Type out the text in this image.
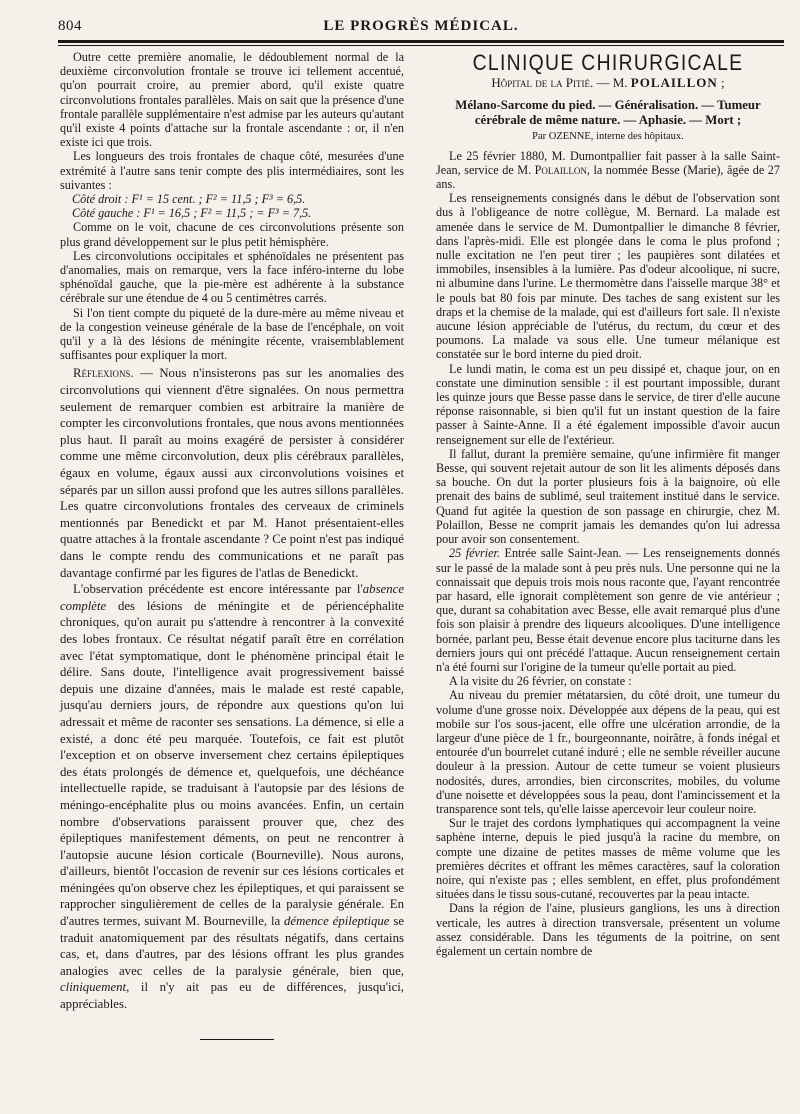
804	LE PROGRÈS MÉDICAL.

Outre cette première anomalie, le dédoublement normal de la deuxième circonvolution frontale se trouve ici tellement accentué, qu'on pourrait croire, au premier abord, qu'il existe quatre circonvolutions frontales parallèles. Mais on sait que la présence d'une frontale parallèle supplémentaire n'est admise par les auteurs qu'autant qu'il existe 4 points d'attache sur la frontale ascendante : or, il n'en existe ici que trois.

Les longueurs des trois frontales de chaque côté, mesurées d'une extrémité à l'autre sans tenir compte des plis intermédiaires, sont les suivantes :

Côté droit : F¹ = 15 cent. ; F² = 11,5 ; F³ = 6,5.
Côté gauche : F¹ = 16,5 ; F² = 11,5 ; = F³ = 7,5.

Comme on le voit, chacune de ces circonvolutions présente son plus grand développement sur le plus petit hémisphère.

Les circonvolutions occipitales et sphénoïdales ne présentent pas d'anomalies, mais on remarque, vers la face inféro-interne du lobe sphénoïdal gauche, que la pie-mère est adhérente à la substance cérébrale sur une étendue de 4 ou 5 centimètres carrés.

Si l'on tient compte du piqueté de la dure-mère au même niveau et de la congestion veineuse générale de la base de l'encéphale, on voit qu'il y a là des lésions de méningite récente, vraisemblablement suffisantes pour expliquer la mort.

Réflexions. — Nous n'insisterons pas sur les anomalies des circonvolutions qui viennent d'être signalées. On nous permettra seulement de remarquer combien est arbitraire la manière de compter les circonvolutions frontales, que nous avons mentionnées plus haut. Il paraît au moins exagéré de persister à considérer comme une même circonvolution, deux plis cérébraux parallèles, égaux en volume, égaux aussi aux circonvolutions voisines et séparés par un sillon aussi profond que les autres sillons parallèles. Les quatre circonvolutions frontales des cerveaux de criminels mentionnés par Benedickt et par M. Hanot présentaient-elles quatre attaches à la frontale ascendante ? Ce point n'est pas indiqué dans le compte rendu des communications et ne paraît pas davantage confirmé par les figures de l'atlas de Benedickt.

L'observation précédente est encore intéressante par l'absence complète des lésions de méningite et de périencéphalite chroniques, qu'on aurait pu s'attendre à rencontrer à la convexité des lobes frontaux. Ce résultat négatif paraît être en corrélation avec l'état symptomatique, dont le phénomène principal était le délire. Sans doute, l'intelligence avait progressivement baissé depuis une dizaine d'années, mais le malade est resté capable, jusqu'au derniers jours, de répondre aux questions qu'on lui adressait et même de raconter ses sensations. La démence, si elle a existé, a donc été peu marquée. Toutefois, ce fait est plutôt l'exception et on observe inversement chez certains épileptiques des états prolongés de démence et, quelquefois, une déchéance intellectuelle rapide, se traduisant à l'autopsie par des lésions de méningo-encéphalite plus ou moins avancées. Enfin, un certain nombre d'observations paraissent prouver que, chez des épileptiques manifestement déments, on peut ne rencontrer à l'autopsie aucune lésion corticale (Bourneville). Nous aurons, d'ailleurs, bientôt l'occasion de revenir sur ces lésions corticales et méningées qu'on observe chez les épileptiques, et qui paraissent se rapprocher singulièrement de celles de la paralysie générale. En d'autres termes, suivant M. Bourneville, la démence épileptique se traduit anatomiquement par des résultats négatifs, dans certains cas, et, dans d'autres, par des lésions offrant les plus grandes analogies avec celles de la paralysie générale, bien que, cliniquement, il n'y ait pas eu de différences, jusqu'ici, appréciables.

CLINIQUE CHIRURGICALE
Hôpital de la Pitié. — M. POLAILLON ;
Mélano-Sarcome du pied. — Généralisation. — Tumeur cérébrale de même nature. — Aphasie. — Mort ;
Par OZENNE, interne des hôpitaux.

Le 25 février 1880, M. Dumontpallier fait passer à la salle Saint-Jean, service de M. Polaillon, la nommée Besse (Marie), âgée de 27 ans.

Les renseignements consignés dans le début de l'observation sont dus à l'obligeance de notre collègue, M. Bernard. La malade est amenée dans le service de M. Dumontpallier le dimanche 8 février, dans l'après-midi. Elle est plongée dans le coma le plus profond ; nulle excitation ne l'en peut tirer ; les paupières sont dilatées et immobiles, insensibles à la lumière. Pas d'odeur alcoolique, ni sucre, ni albumine dans l'urine. Le thermomètre dans l'aisselle marque 38° et le pouls bat 80 fois par minute. Des taches de sang existent sur les draps et la chemise de la malade, qui est d'ailleurs fort sale. Il n'existe aucune lésion appréciable de l'utérus, du rectum, du cœur et des poumons. La malade va sous elle. Une tumeur mélanique est constatée sur le bord interne du pied droit.

Le lundi matin, le coma est un peu dissipé et, chaque jour, on en constate une diminution sensible : il est pourtant impossible, durant les quinze jours que Besse passe dans le service, de tirer d'elle aucune réponse raisonnable, si bien qu'il fut un instant question de la faire passer à Sainte-Anne. Il a été également impossible d'avoir aucun renseignement sur elle de l'extérieur.

Il fallut, durant la première semaine, qu'une infirmière fit manger Besse, qui souvent rejetait autour de son lit les aliments déposés dans sa bouche. On dut la porter plusieurs fois à la baignoire, où elle prenait des bains de sublimé, seul traitement institué dans le service. Quand fut agitée la question de son passage en chirurgie, chez M. Polaillon, Besse ne comprit jamais les demandes qu'on lui adressa pour avoir son consentement.

25 février. Entrée salle Saint-Jean. — Les renseignements donnés sur le passé de la malade sont à peu près nuls. Une personne qui ne la connaissait que depuis trois mois nous raconte que, l'ayant rencontrée par hasard, elle ignorait complètement son genre de vie antérieur ; que, durant sa cohabitation avec Besse, elle avait remarqué plus d'une fois son plaisir à prendre des liqueurs alcooliques. D'une intelligence bornée, parlant peu, Besse était devenue encore plus taciturne dans les derniers jours qui ont précédé l'attaque. Aucun renseignement certain n'a été fourni sur l'origine de la tumeur qu'elle portait au pied.

A la visite du 26 février, on constate :

Au niveau du premier métatarsien, du côté droit, une tumeur du volume d'une grosse noix. Développée aux dépens de la peau, qui est mobile sur l'os sous-jacent, elle offre une ulcération arrondie, de la largeur d'une pièce de 1 fr., bourgeonnante, noirâtre, à fonds inégal et entourée d'un bourrelet cutané induré ; elle ne semble réveiller aucune douleur à la pression. Autour de cette tumeur se voient plusieurs nodosités, dures, arrondies, bien circonscrites, mobiles, du volume d'une noisette et développées sous la peau, dont l'amincissement et la transparence sont tels, qu'elle laisse apercevoir leur couleur noire.

Sur le trajet des cordons lymphatiques qui accompagnent la veine saphène interne, depuis le pied jusqu'à la racine du membre, on compte une dizaine de petites masses de même volume que les premières décrites et offrant les mêmes caractères, sauf la coloration noire, qui n'existe pas ; elles semblent, en effet, plus profondément situées dans le tissu sous-cutané, recouvertes par la peau intacte.

Dans la région de l'aine, plusieurs ganglions, les uns à direction verticale, les autres à direction transversale, présentent un volume assez considérable. Dans les téguments de la poitrine, on sent également un certain nombre de
